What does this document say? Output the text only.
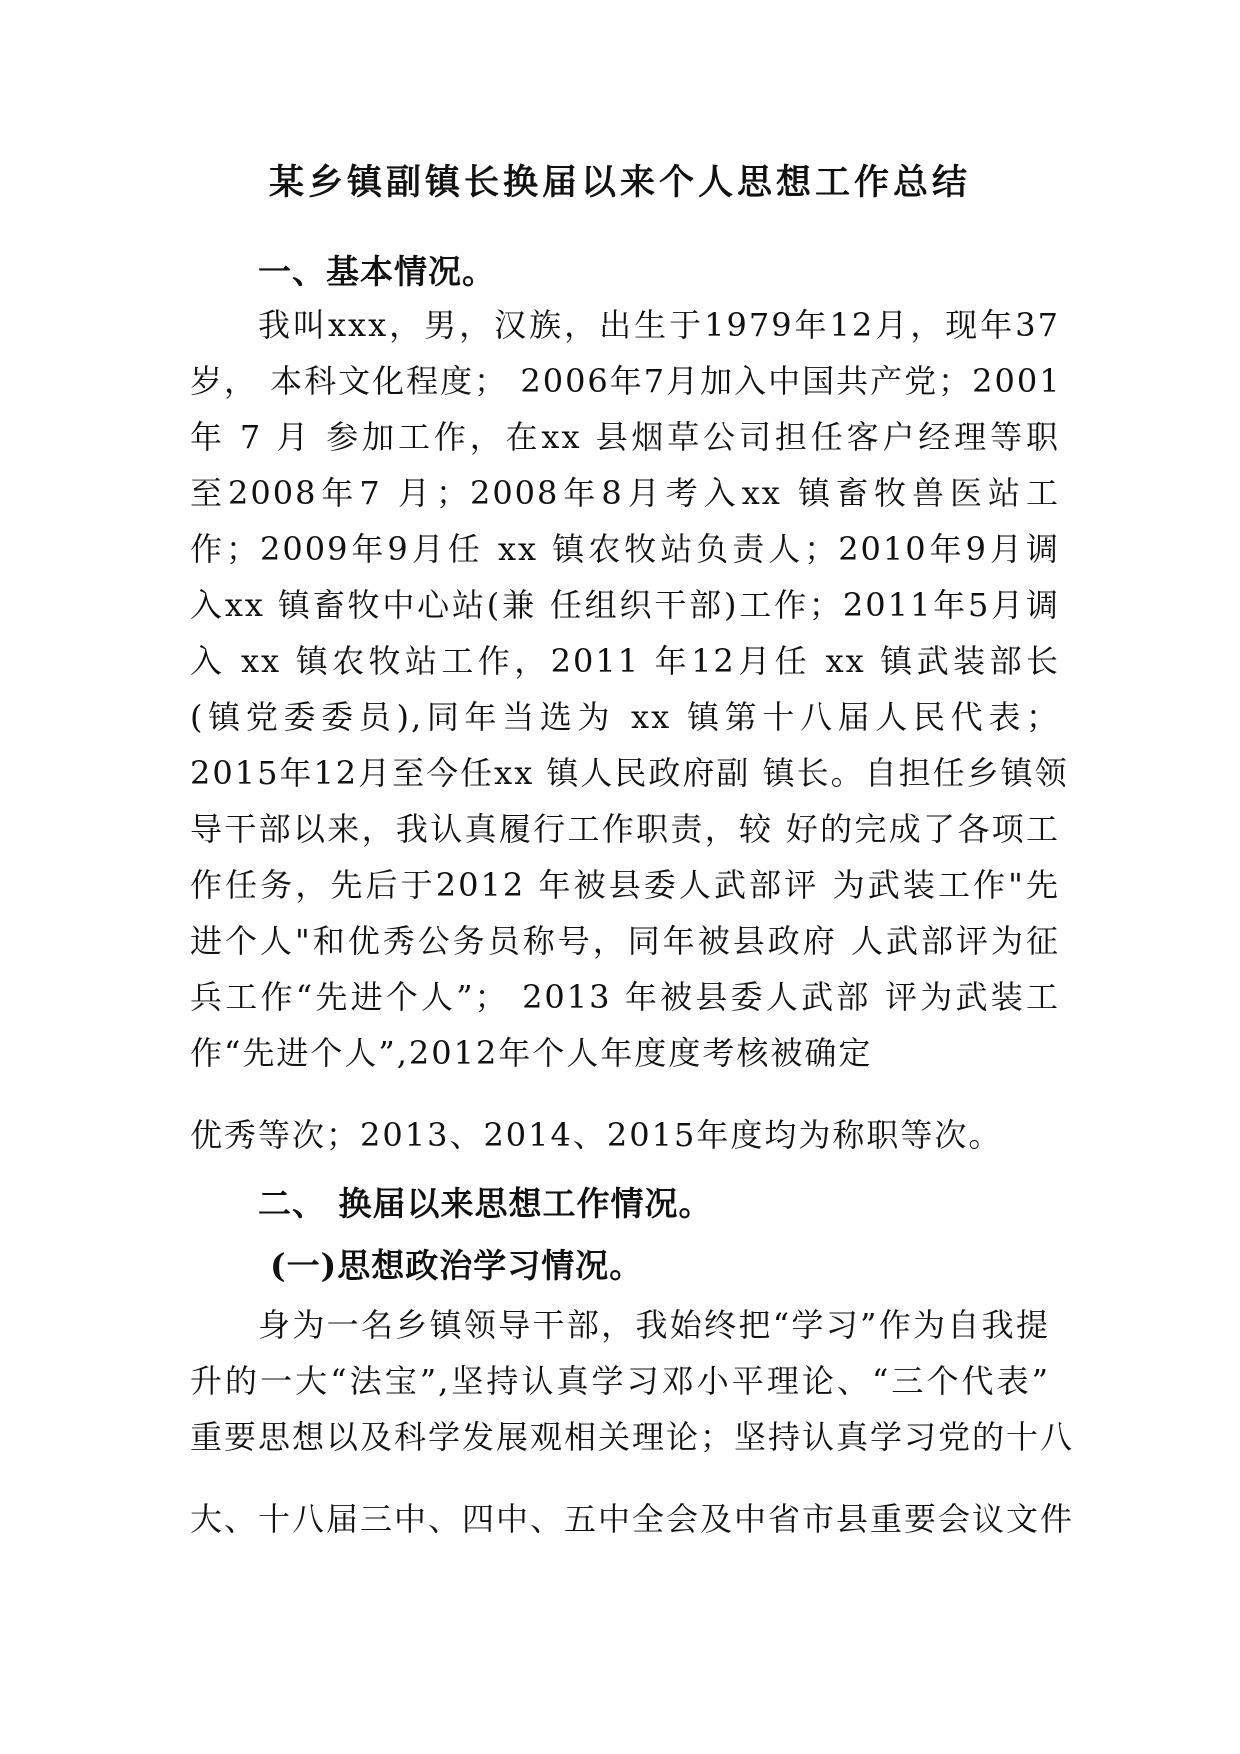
某乡镇副镇长换届以来个人思想工作总结
一、基本情况。
我叫xxx，男，汉族，出生于1979年12月，现年37
岁， 本科文化程度； 2006年7月加入中国共产党；2001
年 7 月 参加工作，在xx 县烟草公司担任客户经理等职
至2008年7 月；2008年8月考入xx 镇畜牧兽医站工
作；2009年9月任 xx 镇农牧站负责人；2010年9月调
入xx 镇畜牧中心站(兼 任组织干部)工作；2011年5月调
入 xx 镇农牧站工作，2011 年12月任 xx 镇武装部长
(镇党委委员),同年当选为 xx 镇第十八届人民代表；
2015年12月至今任xx 镇人民政府副 镇长。自担任乡镇领
导干部以来，我认真履行工作职责，较 好的完成了各项工
作任务，先后于2012 年被县委人武部评 为武装工作"先
进个人"和优秀公务员称号，同年被县政府 人武部评为征
兵工作“先进个人”； 2013 年被县委人武部 评为武装工
作“先进个人”,2012年个人年度度考核被确定
优秀等次；2013、2014、2015年度均为称职等次。
二、 换届以来思想工作情况。
(一)思想政治学习情况。
身为一名乡镇领导干部，我始终把“学习”作为自我提
升的一大“法宝”,坚持认真学习邓小平理论、“三个代表”
重要思想以及科学发展观相关理论；坚持认真学习党的十八
大、十八届三中、四中、五中全会及中省市县重要会议文件
